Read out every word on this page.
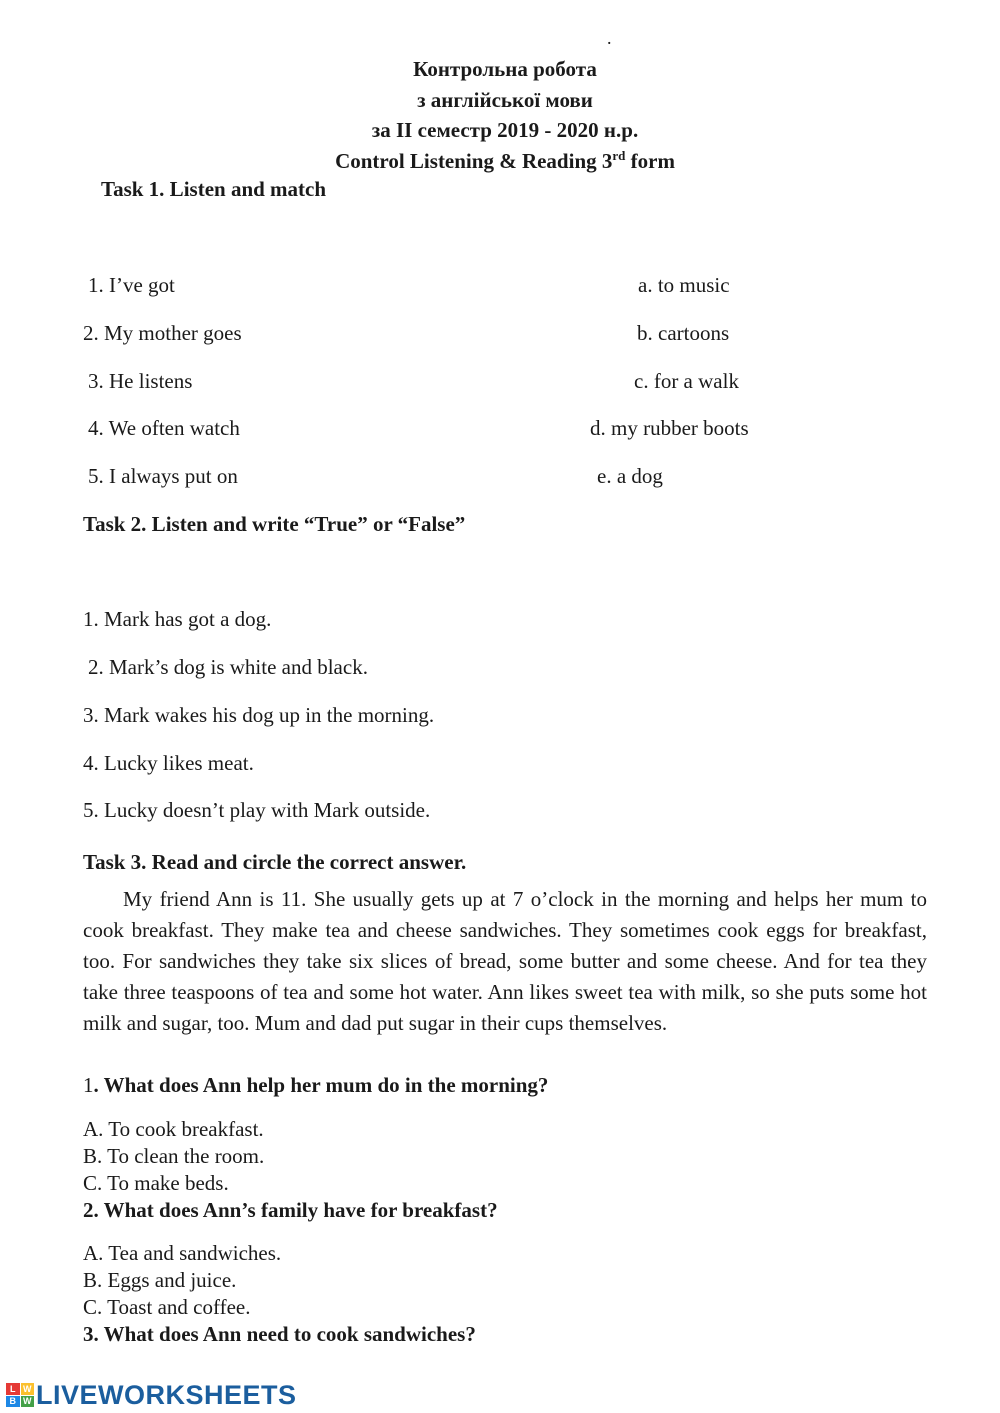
.
Контрольна робота
з англійської мови
за ІІ семестр 2019 - 2020 н.р.
Control Listening & Reading 3rd form
Task 1. Listen and match
1. I’ve got
2. My mother goes
3. He listens
4. We often watch
5. I always put on
a. to music
b. cartoons
c. for a walk
d. my rubber boots
e. a dog
Task 2. Listen and write “True” or “False”
1. Mark has got a dog.
2. Mark’s dog is white and black.
3. Mark wakes his dog up in the morning.
4. Lucky likes meat.
5. Lucky doesn’t play with Mark outside.
Task 3. Read and circle the correct answer.
My friend Ann is 11. She usually gets up at 7 o’clock in the morning and helps her mum to cook breakfast. They make tea and cheese sandwiches. They sometimes cook eggs for breakfast, too. For sandwiches they take six slices of bread, some butter and some cheese. And for tea they take three teaspoons of tea and some hot water. Ann likes sweet tea with milk, so she puts some hot milk and sugar, too. Mum and dad put sugar in their cups themselves.
1. What does Ann help her mum do in the morning?
A. To cook breakfast.
B. To clean the room.
C. To make beds.
2. What does Ann’s family have for breakfast?
A. Tea and sandwiches.
B. Eggs and juice.
C. Toast and coffee.
3. What does Ann need to cook sandwiches?
L W
B W LIVEWORKSHEETS
